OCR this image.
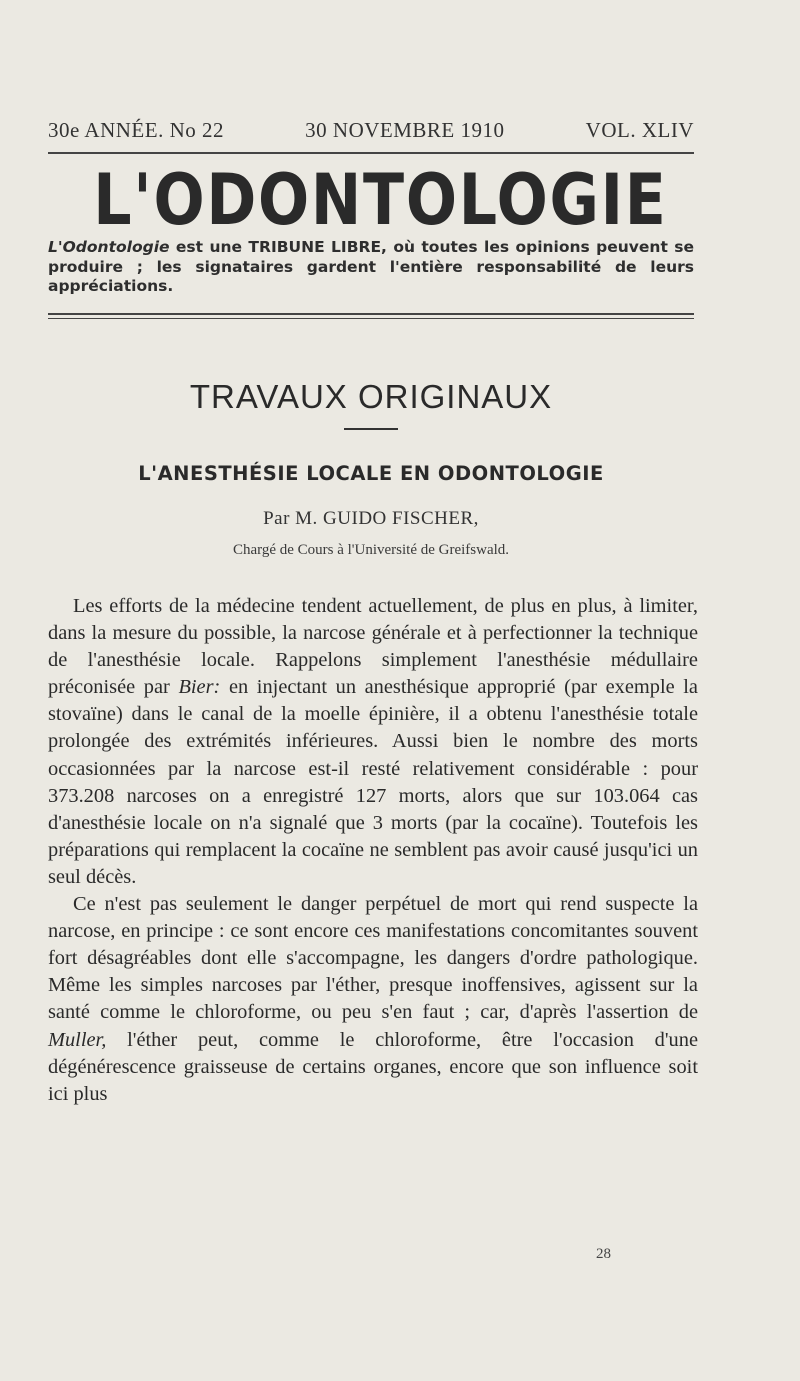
30e ANNÉE. No 22	30 NOVEMBRE 1910	VOL. XLIV
L'ODONTOLOGIE
L'Odontologie est une TRIBUNE LIBRE, où toutes les opinions peuvent se produire ; les signataires gardent l'entière responsabilité de leurs appréciations.
TRAVAUX ORIGINAUX
L'ANESTHÉSIE LOCALE EN ODONTOLOGIE
Par M. GUIDO FISCHER,
Chargé de Cours à l'Université de Greifswald.

Les efforts de la médecine tendent actuellement, de plus en plus, à limiter, dans la mesure du possible, la narcose générale et à perfectionner la technique de l'anesthésie locale. Rappelons simplement l'anesthésie médullaire préconisée par Bier: en injectant un anesthésique approprié (par exemple la stovaïne) dans le canal de la moelle épinière, il a obtenu l'anesthésie totale prolongée des extrémités inférieures. Aussi bien le nombre des morts occasionnées par la narcose est-il resté relativement considérable : pour 373.208 narcoses on a enregistré 127 morts, alors que sur 103.064 cas d'anesthésie locale on n'a signalé que 3 morts (par la cocaïne). Toutefois les préparations qui remplacent la cocaïne ne semblent pas avoir causé jusqu'ici un seul décès.

Ce n'est pas seulement le danger perpétuel de mort qui rend suspecte la narcose, en principe : ce sont encore ces manifestations concomitantes souvent fort désagréables dont elle s'accompagne, les dangers d'ordre pathologique. Même les simples narcoses par l'éther, presque inoffensives, agissent sur la santé comme le chloroforme, ou peu s'en faut ; car, d'après l'assertion de Muller, l'éther peut, comme le chloroforme, être l'occasion d'une dégénérescence graisseuse de certains organes, encore que son influence soit ici plus

28
